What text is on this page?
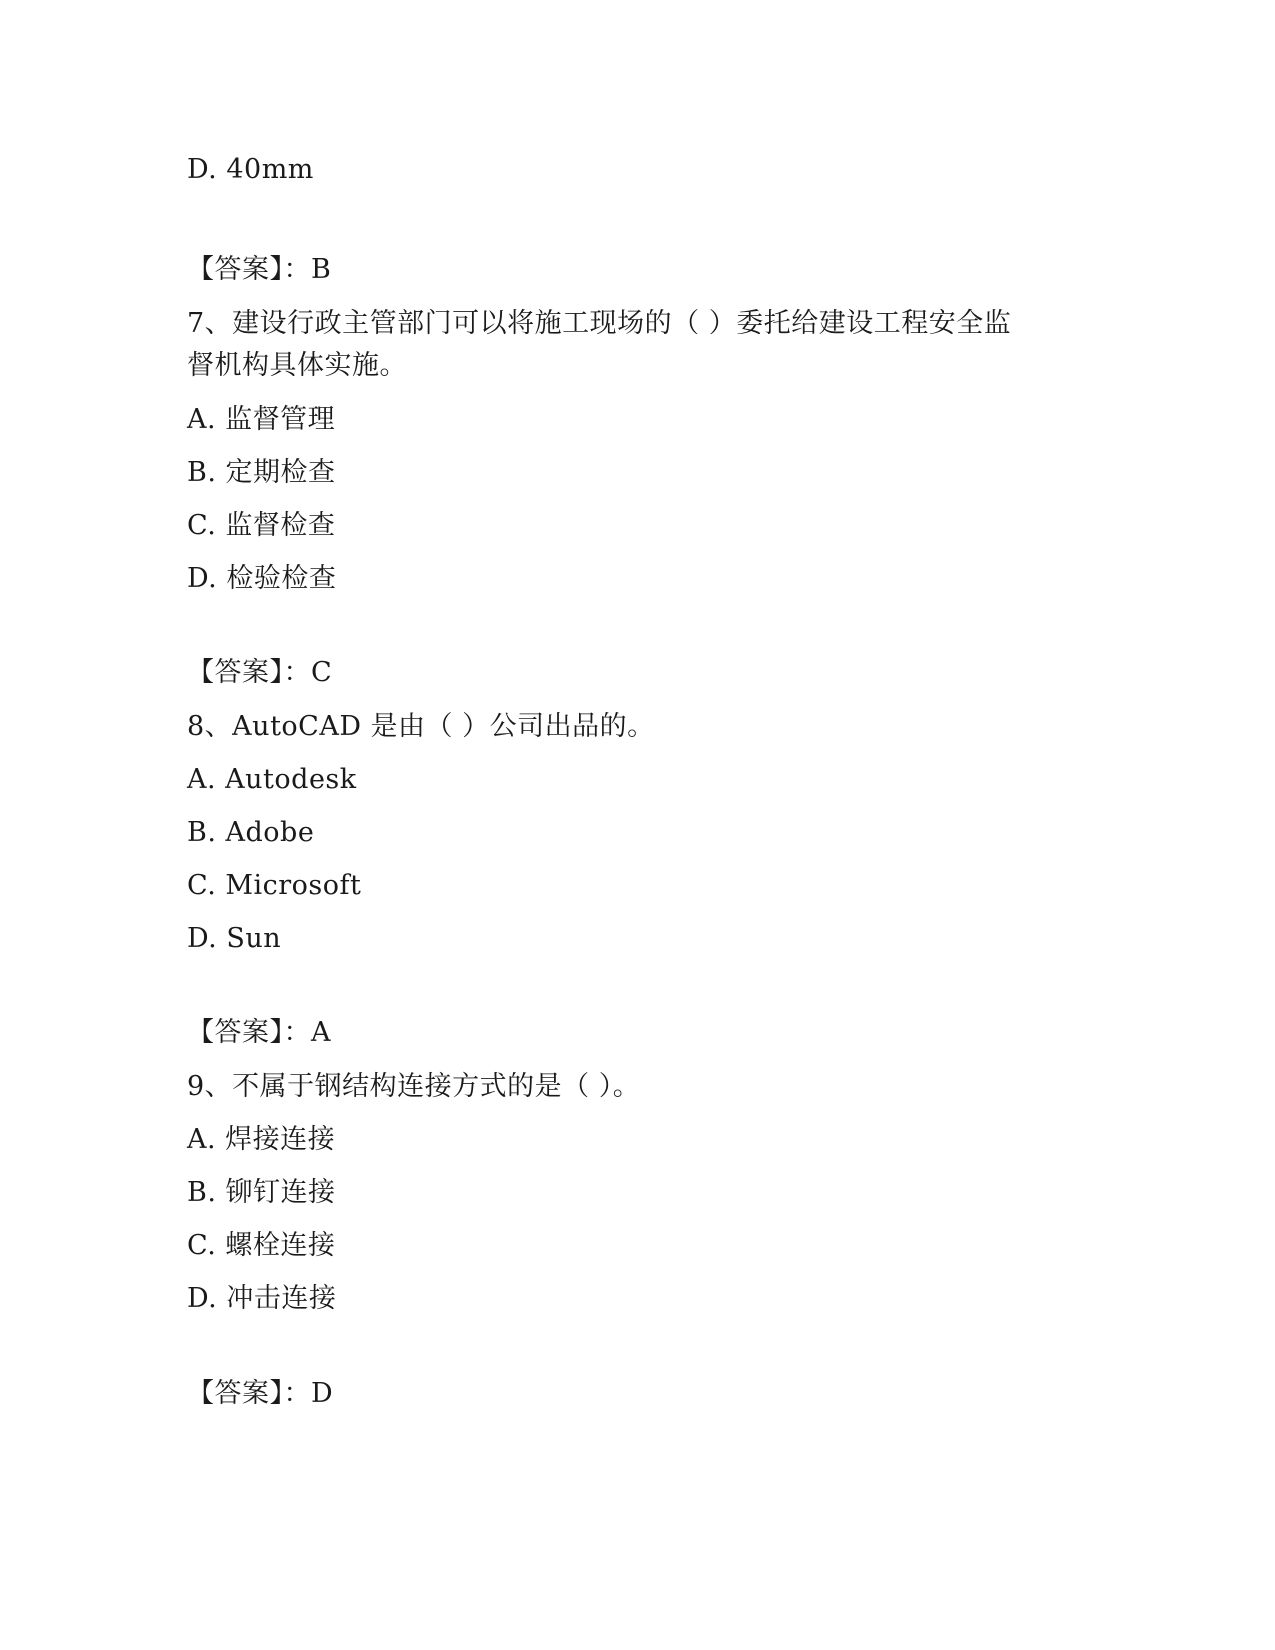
D. 40mm
【答案】：B
7、建设行政主管部门可以将施工现场的（ ）委托给建设工程安全监
督机构具体实施。
A. 监督管理
B. 定期检查
C. 监督检查
D. 检验检查
【答案】：C
8、AutoCAD 是由（ ）公司出品的。
A. Autodesk
B. Adobe
C. Microsoft
D. Sun
【答案】：A
9、不属于钢结构连接方式的是（ ）。
A. 焊接连接
B. 铆钉连接
C. 螺栓连接
D. 冲击连接
【答案】：D
